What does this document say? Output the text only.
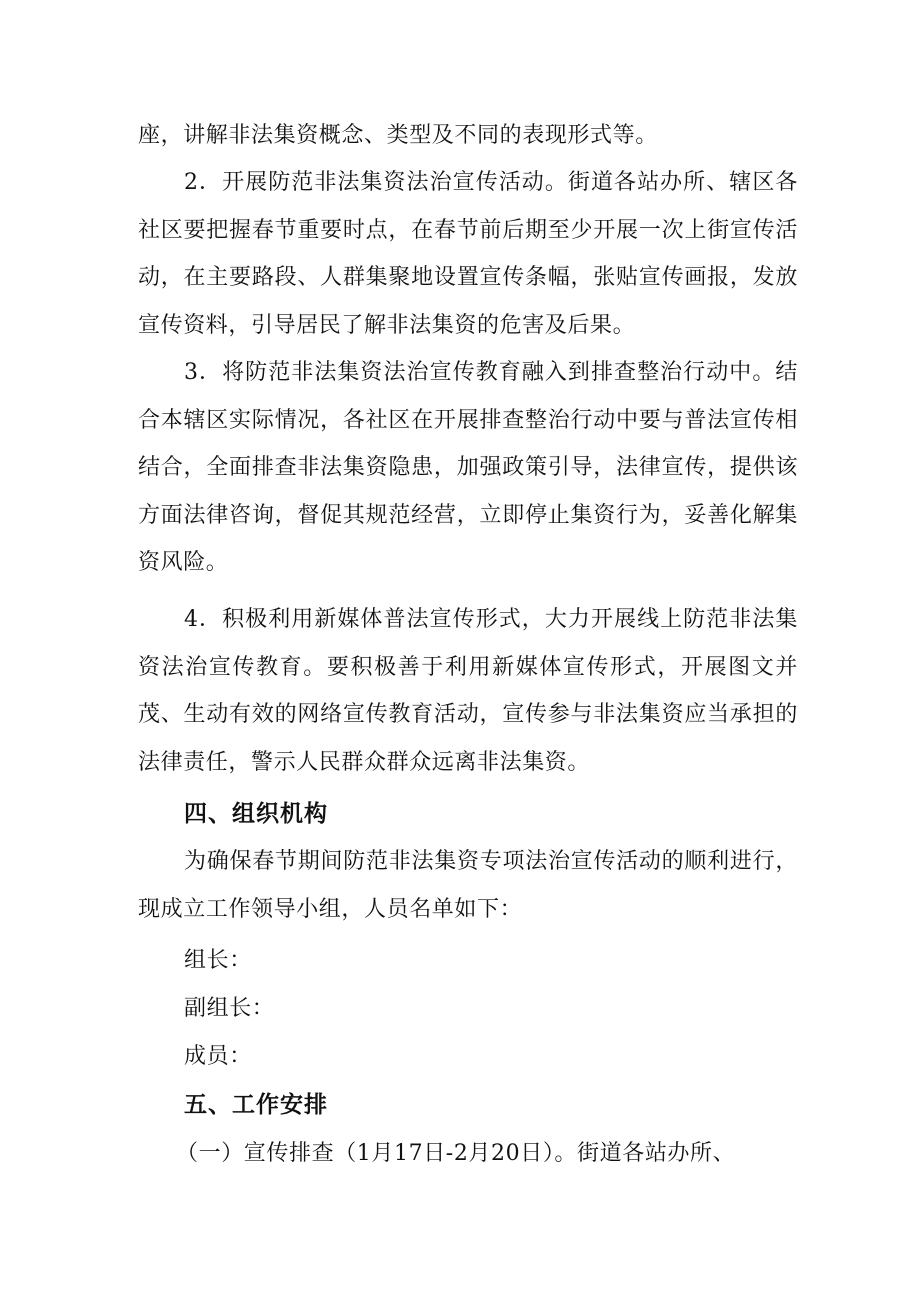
座，讲解非法集资概念、类型及不同的表现形式等。

2．开展防范非法集资法治宣传活动。街道各站办所、辖区各社区要把握春节重要时点，在春节前后期至少开展一次上街宣传活动，在主要路段、人群集聚地设置宣传条幅，张贴宣传画报，发放宣传资料，引导居民了解非法集资的危害及后果。

3．将防范非法集资法治宣传教育融入到排查整治行动中。结合本辖区实际情况，各社区在开展排查整治行动中要与普法宣传相结合，全面排查非法集资隐患，加强政策引导，法律宣传，提供该方面法律咨询，督促其规范经营，立即停止集资行为，妥善化解集资风险。

4．积极利用新媒体普法宣传形式，大力开展线上防范非法集资法治宣传教育。要积极善于利用新媒体宣传形式，开展图文并茂、生动有效的网络宣传教育活动，宣传参与非法集资应当承担的法律责任，警示人民群众群众远离非法集资。

四、组织机构

为确保春节期间防范非法集资专项法治宣传活动的顺利进行，现成立工作领导小组，人员名单如下：

组长：

副组长：

成员：

五、工作安排

（一）宣传排查（1月17日-2月20日）。街道各站办所、
